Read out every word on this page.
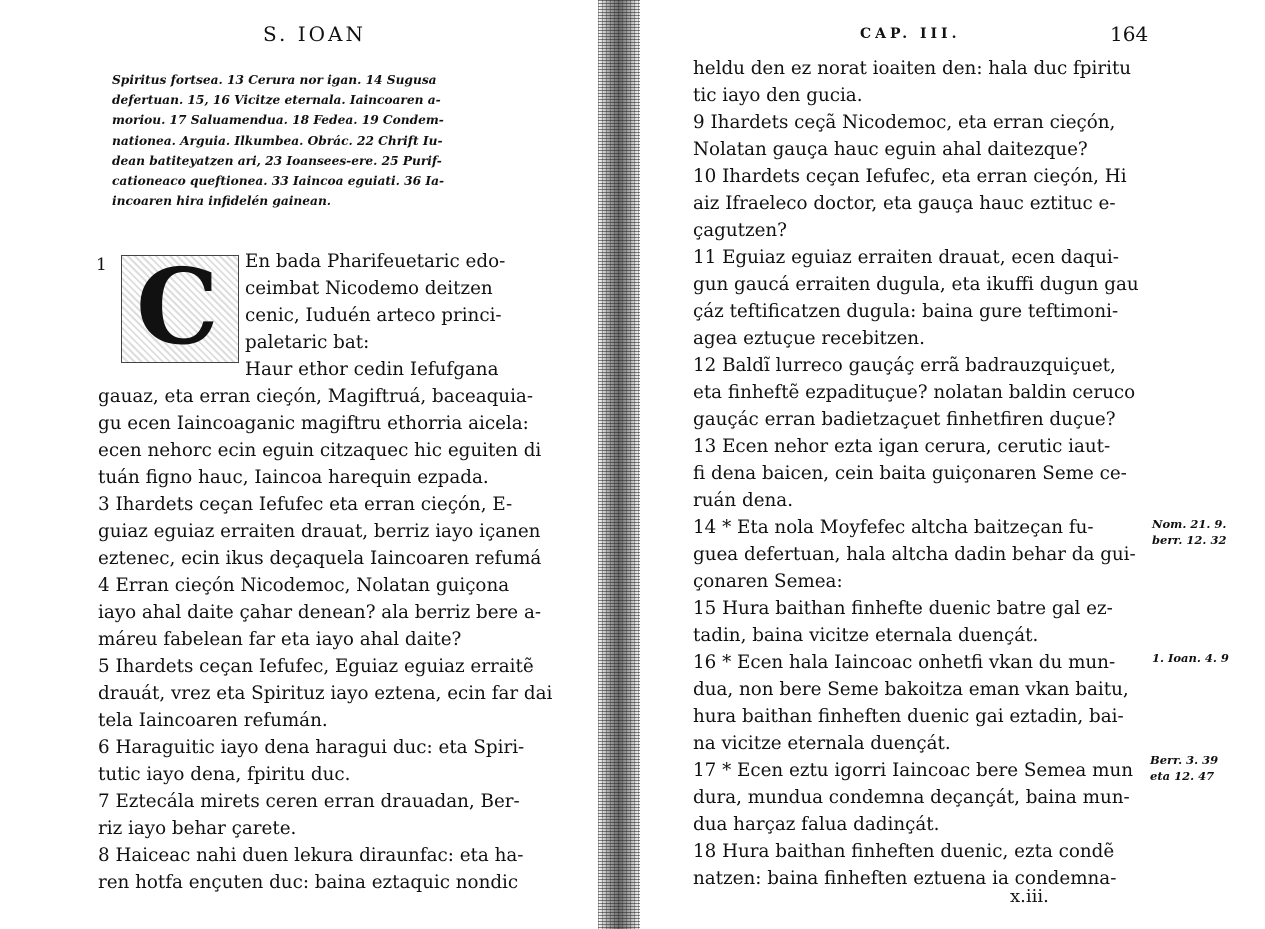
S. IOAN
Spiritus fortsea. 13 Cerura nor igan. 14 Sugusa
defertuan. 15, 16 Vicitze eternala. Iaincoaren a-
moriou. 17 Saluamendua. 18 Fedea. 19 Condem-
nationea. Arguia. Ilkumbea. Obrác. 22 Chrift Iu-
dean batiteyatzen ari, 23 Ioansees-ere. 25 Purif-
cationeaco queftionea. 33 Iaincoa eguiati. 36 Ia-
incoaren hira infidelén gainean.
1 C En bada Pharifeuetaric edo-
ceimbat Nicodemo deitzen
cenic, Iuduén arteco princi-
paletaric bat:
Haur ethor cedin Iefufgana
gauaz, eta erran cieçón, Magiftruá, baceaquia-
gu ecen Iaincoaganic magiftru ethorria aicela:
ecen nehorc ecin eguin citzaquec hic eguiten di
tuán figno hauc, Iaincoa harequin ezpada.
3 Ihardets ceçan Iefufec eta erran cieçón, E-
guiaz eguiaz erraiten drauat, berriz iayo içanen
eztenec, ecin ikus deçaquela Iaincoaren refumá
4 Erran cieçón Nicodemoc, Nolatan guiçona
iayo ahal daite çahar denean? ala berriz bere a-
máreu fabelean far eta iayo ahal daite?
5 Ihardets ceçan Iefufec, Eguiaz eguiaz erraitẽ
drauát, vrez eta Spirituz iayo eztena, ecin far dai
tela Iaincoaren refumán.
6 Haraguitic iayo dena haragui duc: eta Spiri-
tutic iayo dena, fpiritu duc.
7 Eztecála mirets ceren erran drauadan, Ber-
riz iayo behar çarete.
8 Haiceac nahi duen lekura diraunfac: eta ha-
ren hotfa ençuten duc: baina eztaquic nondic
CAP. III.	164
heldu den ez norat ioaiten den: hala duc fpiritu
tic iayo den gucia.
9 Ihardets ceçã Nicodemoc, eta erran cieçón,
Nolatan gauça hauc eguin ahal daitezque?
10 Ihardets ceçan Iefufec, eta erran cieçón, Hi
aiz Ifraeleco doctor, eta gauça hauc eztituc e-
çagutzen?
11 Eguiaz eguiaz erraiten drauat, ecen daqui-
gun gaucá erraiten dugula, eta ikuffi dugun gau
çáz teftificatzen dugula: baina gure teftimoni-
agea eztuçue recebitzen.
12 Baldĩ lurreco gauçáç errã badrauzquiçuet,
eta finheftẽ ezpadituçue? nolatan baldin ceruco
gauçác erran badietzaçuet finhetfiren duçue?
13 Ecen nehor ezta igan cerura, cerutic iaut-
fi dena baicen, cein baita guiçonaren Seme ce-
ruán dena.
14 * Eta nola Moyfefec altcha baitzeçan fu-
guea defertuan, hala altcha dadin behar da gui-
çonaren Semea:
15 Hura baithan finhefte duenic batre gal ez-
tadin, baina vicitze eternala duençát.
16 * Ecen hala Iaincoac onhetfi vkan du mun-
dua, non bere Seme bakoitza eman vkan baitu,
hura baithan finheften duenic gai eztadin, bai-
na vicitze eternala duençát.
17 * Ecen eztu igorri Iaincoac bere Semea mun
dura, mundua condemna deçançát, baina mun-
dua harçaz falua dadinçát.
18 Hura baithan finheften duenic, ezta condẽ
natzen: baina finheften eztuena ia condemna-
Nom. 21. 9.
berr. 12. 32
1. Ioan. 4. 9
Berr. 3. 39
eta 12. 47
x.iii.
